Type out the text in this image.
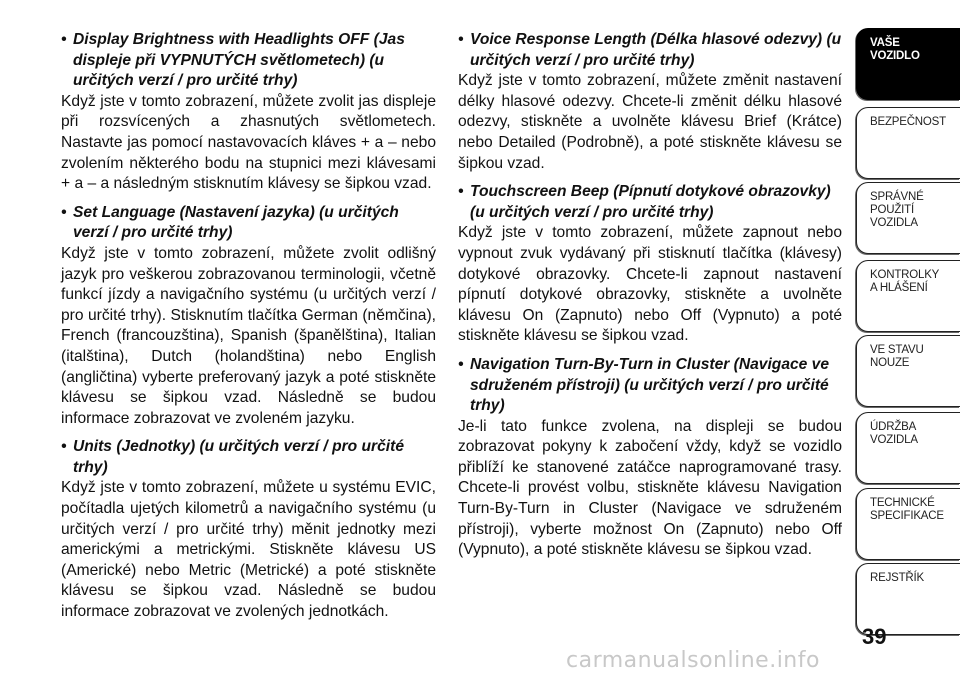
• Display Brightness with Headlights OFF (Jas displeje při VYPNUTÝCH světlometech) (u určitých verzí / pro určité trhy)
Když jste v tomto zobrazení, můžete zvolit jas displeje při rozsvícených a zhasnutých světlometech. Nastavte jas pomocí nastavovacích kláves + a – nebo zvolením některého bodu na stupnici mezi klávesami + a – a následným stisknutím klávesy se šipkou vzad.
• Set Language (Nastavení jazyka) (u určitých verzí / pro určité trhy)
Když jste v tomto zobrazení, můžete zvolit odlišný jazyk pro veškerou zobrazovanou terminologii, včetně funkcí jízdy a navigačního systému (u určitých verzí / pro určité trhy). Stisknutím tlačítka German (němčina), French (francouzština), Spanish (španělština), Italian (italština), Dutch (holandština) nebo English (angličtina) vyberte preferovaný jazyk a poté stiskněte klávesu se šipkou vzad. Následně se budou informace zobrazovat ve zvoleném jazyku.
• Units (Jednotky) (u určitých verzí / pro určité trhy)
Když jste v tomto zobrazení, můžete u systému EVIC, počítadla ujetých kilometrů a navigačního systému (u určitých verzí / pro určité trhy) měnit jednotky mezi americkými a metrickými. Stiskněte klávesu US (Americké) nebo Metric (Metrické) a poté stiskněte klávesu se šipkou vzad. Následně se budou informace zobrazovat ve zvolených jednotkách.
• Voice Response Length (Délka hlasové odezvy) (u určitých verzí / pro určité trhy)
Když jste v tomto zobrazení, můžete změnit nastavení délky hlasové odezvy. Chcete-li změnit délku hlasové odezvy, stiskněte a uvolněte klávesu Brief (Krátce) nebo Detailed (Podrobně), a poté stiskněte klávesu se šipkou vzad.
• Touchscreen Beep (Pípnutí dotykové obrazovky) (u určitých verzí / pro určité trhy)
Když jste v tomto zobrazení, můžete zapnout nebo vypnout zvuk vydávaný při stisknutí tlačítka (klávesy) dotykové obrazovky. Chcete-li zapnout nastavení pípnutí dotykové obrazovky, stiskněte a uvolněte klávesu On (Zapnuto) nebo Off (Vypnuto) a poté stiskněte klávesu se šipkou vzad.
• Navigation Turn-By-Turn in Cluster (Navigace ve sdruženém přístroji) (u určitých verzí / pro určité trhy)
Je-li tato funkce zvolena, na displeji se budou zobrazovat pokyny k zabočení vždy, když se vozidlo přiblíží ke stanovené zatáčce naprogramované trasy. Chcete-li provést volbu, stiskněte klávesu Navigation Turn-By-Turn in Cluster (Navigace ve sdruženém přístroji), vyberte možnost On (Zapnuto) nebo Off (Vypnuto), a poté stiskněte klávesu se šipkou vzad.
VAŠE
VOZIDLO
BEZPEČNOST
SPRÁVNÉ
POUŽITÍ
VOZIDLA
KONTROLKY
A HLÁŠENÍ
VE STAVU
NOUZE
ÚDRŽBA
VOZIDLA
TECHNICKÉ
SPECIFIKACE
REJSTŘÍK
39
carmanualsonline.info
